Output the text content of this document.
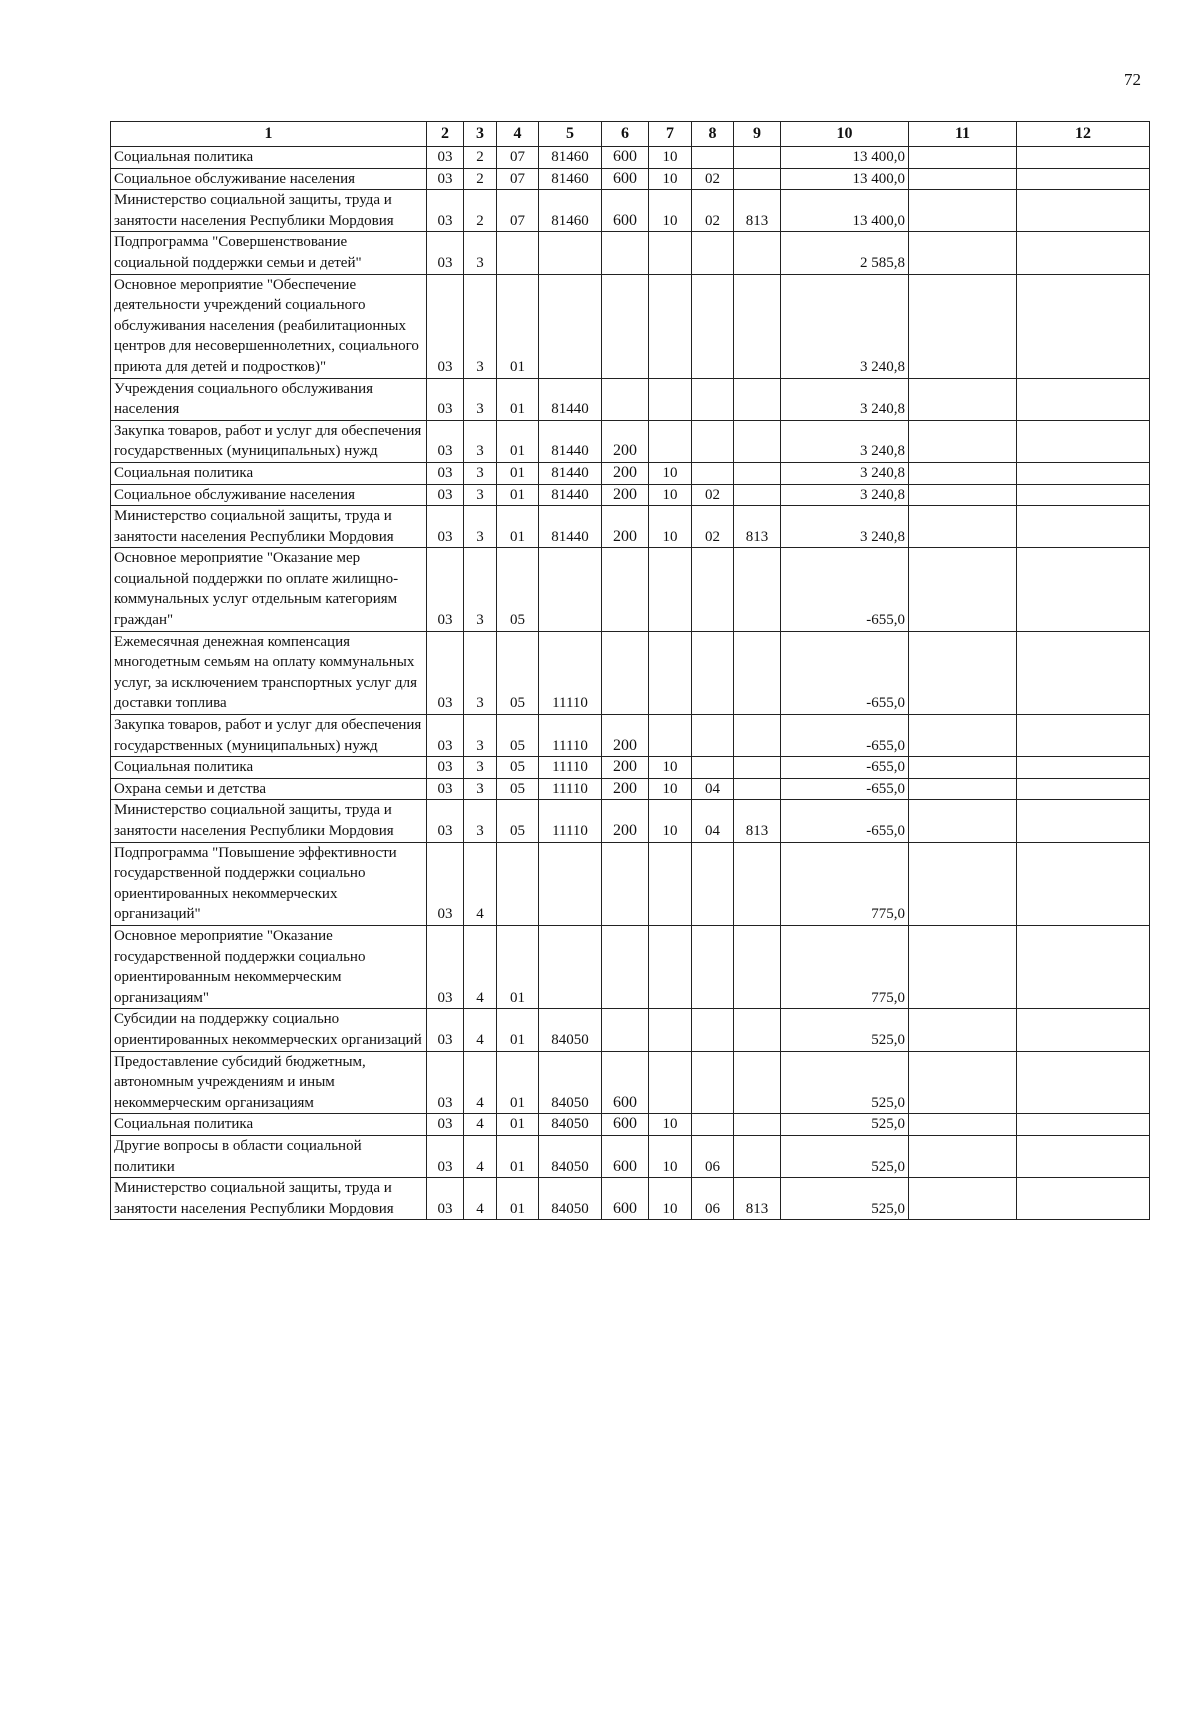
72
1	2	3	4	5	6	7	8	9	10	11	12
Социальная политика	03	2	07	81460	600	10			13 400,0		
Социальное обслуживание населения	03	2	07	81460	600	10	02		13 400,0		
Министерство социальной защиты, труда и занятости населения Республики Мордовия	03	2	07	81460	600	10	02	813	13 400,0		
Подпрограмма "Совершенствование социальной поддержки семьи и детей"	03	3							2 585,8		
Основное мероприятие "Обеспечение деятельности учреждений социального обслуживания населения (реабилитационных центров для несовершеннолетних, социального приюта для детей и подростков)"	03	3	01						3 240,8		
Учреждения социального обслуживания населения	03	3	01	81440					3 240,8		
Закупка товаров, работ и услуг для обеспечения государственных (муниципальных) нужд	03	3	01	81440	200				3 240,8		
Социальная политика	03	3	01	81440	200	10			3 240,8		
Социальное обслуживание населения	03	3	01	81440	200	10	02		3 240,8		
Министерство социальной защиты, труда и занятости населения Республики Мордовия	03	3	01	81440	200	10	02	813	3 240,8		
Основное мероприятие "Оказание мер социальной поддержки по оплате жилищно-коммунальных услуг отдельным категориям граждан"	03	3	05						-655,0		
Ежемесячная денежная компенсация многодетным семьям на оплату коммунальных услуг, за исключением транспортных услуг для доставки топлива	03	3	05	11110					-655,0		
Закупка товаров, работ и услуг для обеспечения государственных (муниципальных) нужд	03	3	05	11110	200				-655,0		
Социальная политика	03	3	05	11110	200	10			-655,0		
Охрана семьи и детства	03	3	05	11110	200	10	04		-655,0		
Министерство социальной защиты, труда и занятости населения Республики Мордовия	03	3	05	11110	200	10	04	813	-655,0		
Подпрограмма "Повышение эффективности государственной поддержки социально ориентированных некоммерческих организаций"	03	4							775,0		
Основное мероприятие "Оказание государственной поддержки социально ориентированным некоммерческим организациям"	03	4	01						775,0		
Субсидии на поддержку социально ориентированных некоммерческих организаций	03	4	01	84050					525,0		
Предоставление субсидий бюджетным, автономным учреждениям и иным некоммерческим организациям	03	4	01	84050	600				525,0		
Социальная политика	03	4	01	84050	600	10			525,0		
Другие вопросы в области социальной политики	03	4	01	84050	600	10	06		525,0		
Министерство социальной защиты, труда и занятости населения Республики Мордовия	03	4	01	84050	600	10	06	813	525,0		
